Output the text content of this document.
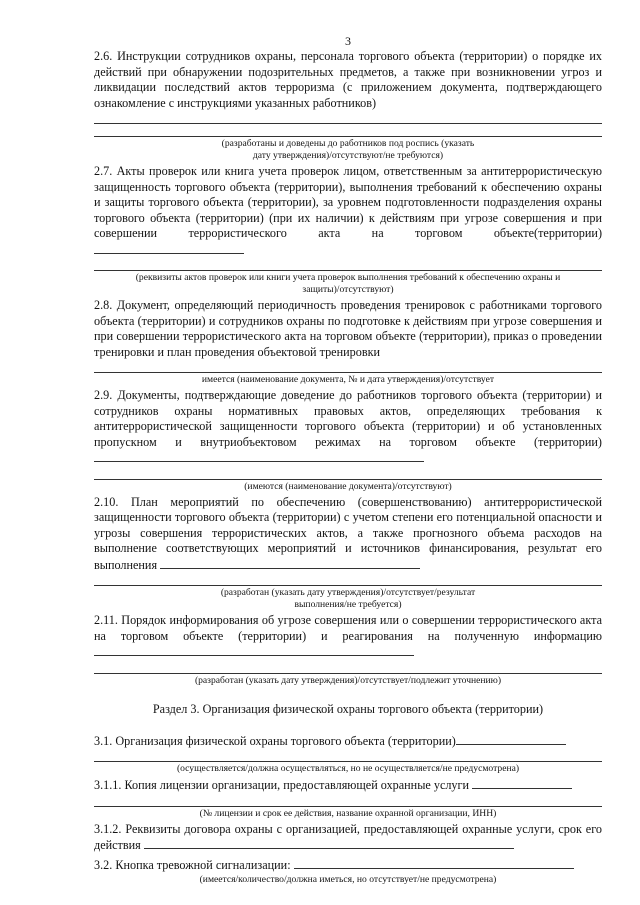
3

2.6. Инструкции сотрудников охраны, персонала торгового объекта (территории) о порядке их действий при обнаружении подозрительных предметов, а также при возникновении угроз и ликвидации последствий актов терроризма (с приложением документа, подтверждающего ознакомление с инструкциями указанных работников)

(разработаны и доведены до работников под роспись (указать

дату утверждения)/отсутствуют/не требуются)

2.7. Акты проверок или книга учета проверок лицом, ответственным за антитеррористическую защищенность торгового объекта (территории), выполнения требований к обеспечению охраны и защиты торгового объекта (территории), за уровнем подготовленности подразделения охраны торгового объекта (территории) (при их наличии) к действиям при угрозе совершения и при совершении террористического акта на торговом объекте(территории)

(реквизиты актов проверок или книги учета проверок выполнения требований к обеспечению охраны и

защиты)/отсутствуют)

2.8. Документ, определяющий периодичность проведения тренировок с работниками торгового объекта (территории) и сотрудников охраны по подготовке к действиям при угрозе совершения и при совершении террористического акта на торговом объекте (территории), приказ о проведении тренировки и план проведения объектовой тренировки

имеется (наименование документа, № и дата утверждения)/отсутствует

2.9. Документы, подтверждающие доведение до работников торгового объекта (территории) и сотрудников охраны нормативных правовых актов, определяющих требования к антитеррористической защищенности торгового объекта (территории) и об установленных пропускном и внутриобъектовом режимах на торговом объекте (территории)

(имеются (наименование документа)/отсутствуют)

2.10. План мероприятий по обеспечению (совершенствованию) антитеррористической защищенности торгового объекта (территории) с учетом степени его потенциальной опасности и угрозы совершения террористических актов, а также прогнозного объема расходов на выполнение соответствующих мероприятий и источников финансирования, результат его выполнения

(разработан (указать дату утверждения)/отсутствует/результат

выполнения/не требуется)

2.11. Порядок информирования об угрозе совершения или о совершении террористического акта на торговом объекте (территории) и реагирования на полученную информацию

(разработан (указать дату утверждения)/отсутствует/подлежит уточнению)

Раздел 3. Организация физической охраны торгового объекта (территории)

3.1. Организация физической охраны торгового объекта (территории)

(осуществляется/должна осуществляться, но не осуществляется/не предусмотрена)

3.1.1. Копия лицензии организации, предоставляющей охранные услуги

(№ лицензии и срок ее действия, название охранной организации, ИНН)

3.1.2. Реквизиты договора охраны с организацией, предоставляющей охранные услуги, срок его действия

3.2. Кнопка тревожной сигнализации:

(имеется/количество/должна иметься, но отсутствует/не предусмотрена)
